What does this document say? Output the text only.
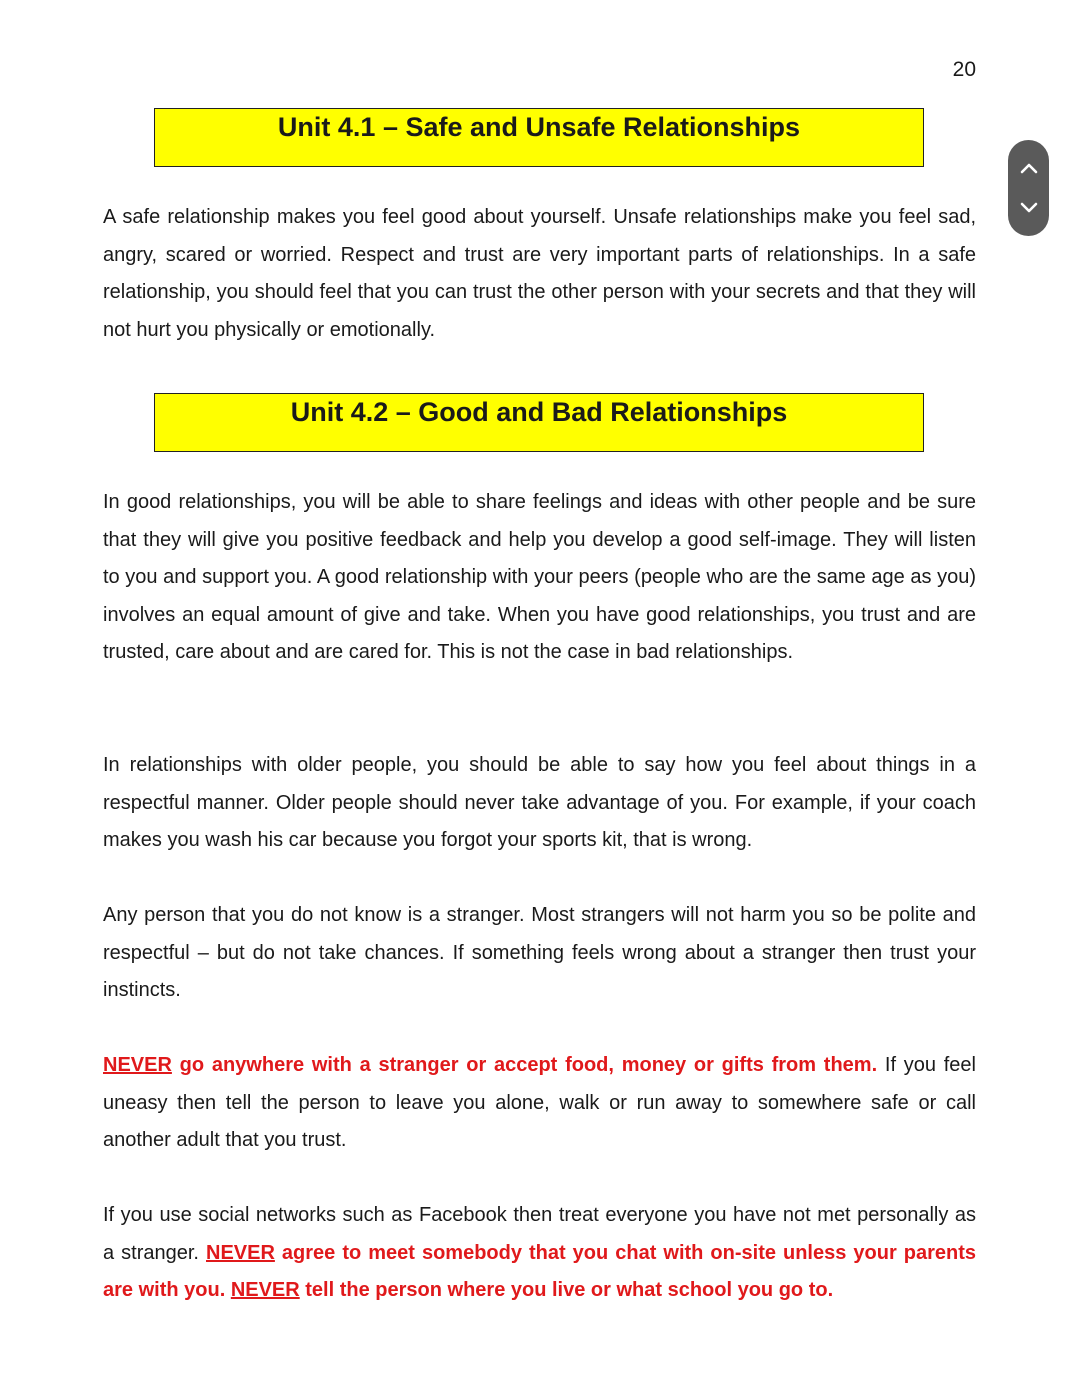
20
Unit 4.1 – Safe and Unsafe Relationships

A safe relationship makes you feel good about yourself. Unsafe relationships make you feel sad, angry, scared or worried. Respect and trust are very important parts of relationships. In a safe relationship, you should feel that you can trust the other person with your secrets and that they will not hurt you physically or emotionally.

Unit 4.2 – Good and Bad Relationships

In good relationships, you will be able to share feelings and ideas with other people and be sure that they will give you positive feedback and help you develop a good self-image. They will listen to you and support you. A good relationship with your peers (people who are the same age as you) involves an equal amount of give and take. When you have good relationships, you trust and are trusted, care about and are cared for. This is not the case in bad relationships.

In relationships with older people, you should be able to say how you feel about things in a respectful manner. Older people should never take advantage of you. For example, if your coach makes you wash his car because you forgot your sports kit, that is wrong.

Any person that you do not know is a stranger. Most strangers will not harm you so be polite and respectful – but do not take chances. If something feels wrong about a stranger then trust your instincts.

NEVER go anywhere with a stranger or accept food, money or gifts from them. If you feel uneasy then tell the person to leave you alone, walk or run away to somewhere safe or call another adult that you trust.

If you use social networks such as Facebook then treat everyone you have not met personally as a stranger. NEVER agree to meet somebody that you chat with on-site unless your parents are with you. NEVER tell the person where you live or what school you go to.
